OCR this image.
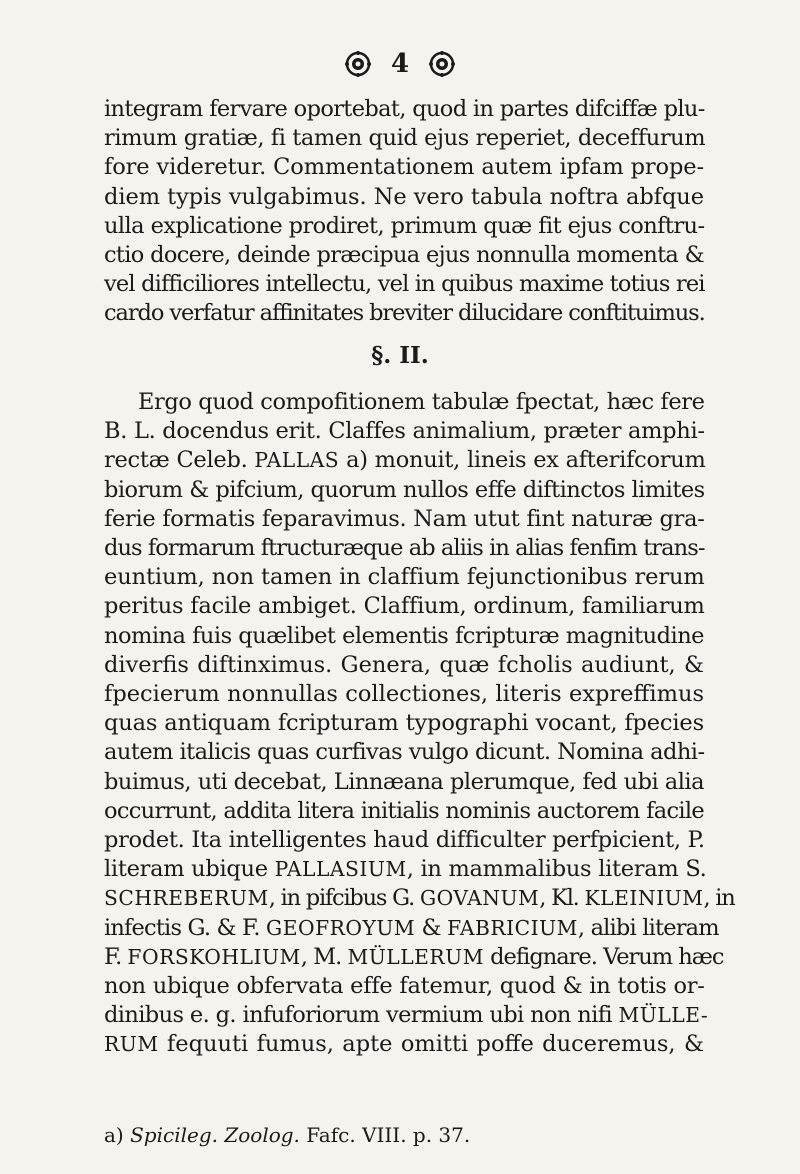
4
integram fervare oportebat, quod in partes difciffæ plu-
rimum gratiæ, fi tamen quid ejus reperiet, deceffurum
fore videretur. Commentationem autem ipfam prope-
diem typis vulgabimus. Ne vero tabula noftra abfque
ulla explicatione prodiret, primum quæ fit ejus conftru-
ctio docere, deinde præcipua ejus nonnulla momenta &
vel difficiliores intellectu, vel in quibus maxime totius rei
cardo verfatur affinitates breviter dilucidare conftituimus.
§. II.
Ergo quod compofitionem tabulæ fpectat, hæc fere
B. L. docendus erit. Claffes animalium, præter amphi-
rectæ Celeb. PALLAS a) monuit, lineis ex afterifcorum
biorum & pifcium, quorum nullos effe diftinctos limites
ferie formatis feparavimus. Nam utut fint naturæ gra-
dus formarum ftructuræque ab aliis in alias fenfim trans-
euntium, non tamen in claffium fejunctionibus rerum
peritus facile ambiget. Claffium, ordinum, familiarum
nomina fuis quælibet elementis fcripturæ magnitudine
diverfis diftinximus. Genera, quæ fcholis audiunt, &
fpecierum nonnullas collectiones, literis expreffimus
quas antiquam fcripturam typographi vocant, fpecies
autem italicis quas curfivas vulgo dicunt. Nomina adhi-
buimus, uti decebat, Linnæana plerumque, fed ubi alia
occurrunt, addita litera initialis nominis auctorem facile
prodet. Ita intelligentes haud difficulter perfpicient, P.
literam ubique PALLASIUM, in mammalibus literam S.
SCHREBERUM, in pifcibus G. GOVANUM, Kl. KLEINIUM, in
infectis G. & F. GEOFROYUM & FABRICIUM, alibi literam
F. FORSKOHLIUM, M. MÜLLERUM defignare. Verum hæc
non ubique obfervata effe fatemur, quod & in totis or-
dinibus e. g. infuforiorum vermium ubi non nifi MÜLLE-
RUM fequuti fumus, apte omitti poffe duceremus, &
a) Spicileg. Zoolog. Fafc. VIII. p. 37.
